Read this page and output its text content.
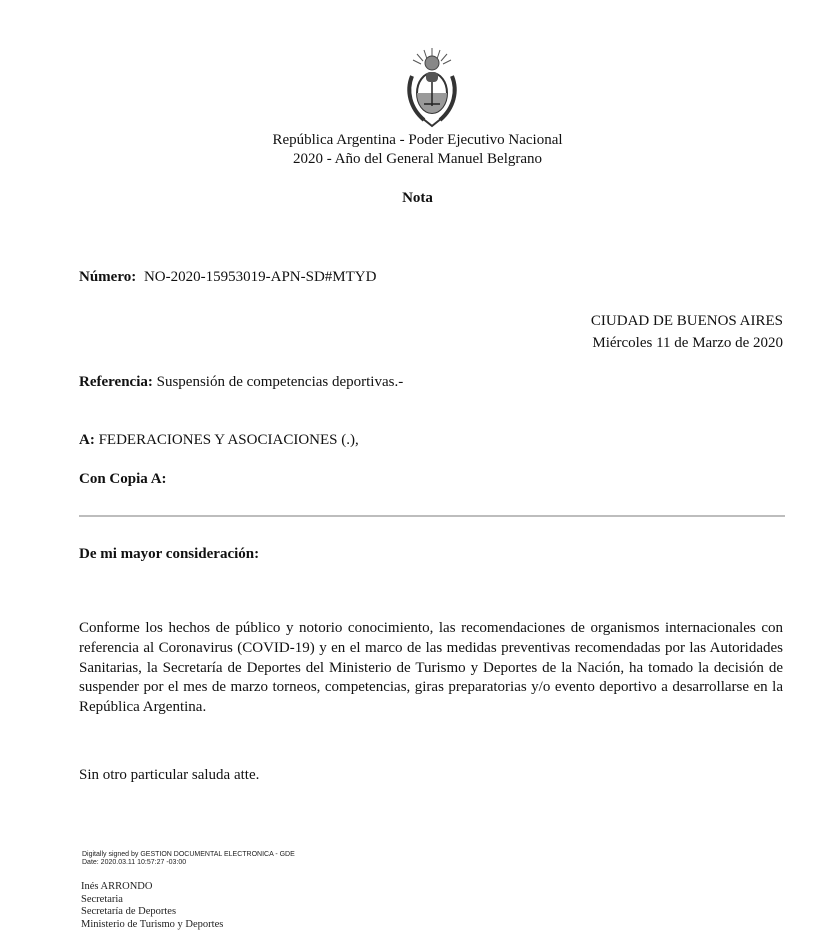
República Argentina - Poder Ejecutivo Nacional
2020 - Año del General Manuel Belgrano
Nota
Número: NO-2020-15953019-APN-SD#MTYD
CIUDAD DE BUENOS AIRES
Miércoles 11 de Marzo de 2020
Referencia: Suspensión de competencias deportivas.-
A: FEDERACIONES Y ASOCIACIONES (.),
Con Copia A:
De mi mayor consideración:
Conforme los hechos de público y notorio conocimiento, las recomendaciones de organismos internacionales con referencia al Coronavirus (COVID-19) y en el marco de las medidas preventivas recomendadas por las Autoridades Sanitarias, la Secretaría de Deportes del Ministerio de Turismo y Deportes de la Nación, ha tomado la decisión de suspender por el mes de marzo torneos, competencias, giras preparatorias y/o evento deportivo a desarrollarse en la República Argentina.
Sin otro particular saluda atte.
Digitally signed by GESTION DOCUMENTAL ELECTRONICA - GDE
Date: 2020.03.11 10:57:27 -03:00
Inés ARRONDO
Secretaria
Secretaría de Deportes
Ministerio de Turismo y Deportes
